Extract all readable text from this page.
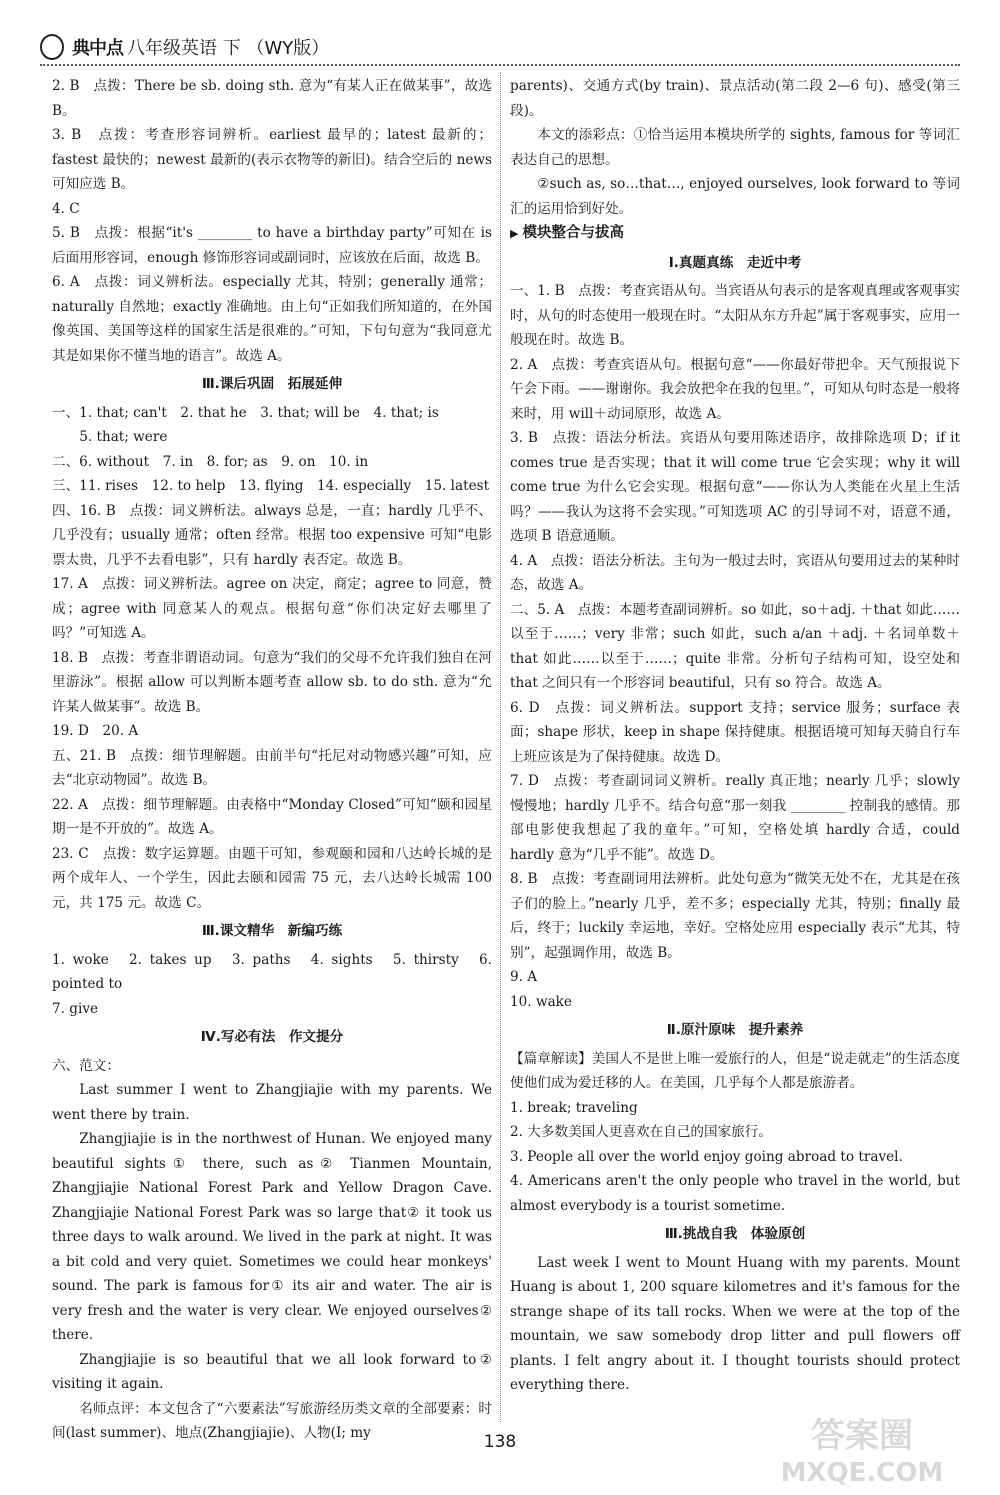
典中点 八年级英语 下 （WY版）

2. B　点拨：There be sb. doing sth. 意为“有某人正在做某事”，故选 B。

3. B　点拨：考查形容词辨析。earliest 最早的；latest 最新的；fastest 最快的；newest 最新的(表示衣物等的新旧)。结合空后的 news 可知应选 B。

4. C

5. B　点拨：根据“it's ________ to have a birthday party”可知在 is 后面用形容词，enough 修饰形容词或副词时，应该放在后面，故选 B。

6. A　点拨：词义辨析法。especially 尤其，特别；generally 通常；naturally 自然地；exactly 准确地。由上句“正如我们所知道的，在外国像英国、美国等这样的国家生活是很难的。”可知，下句句意为“我同意尤其是如果你不懂当地的语言”。故选 A。

Ⅲ.课后巩固　拓展延伸

一、1. that; can't　2. that he　3. that; will be　4. that; is

5. that; were

二、6. without　7. in　8. for; as　9. on　10. in

三、11. rises　12. to help　13. flying　14. especially　15. latest

四、16. B　点拨：词义辨析法。always 总是，一直；hardly 几乎不、几乎没有；usually 通常；often 经常。根据 too expensive 可知“电影票太贵，几乎不去看电影”，只有 hardly 表否定。故选 B。

17. A　点拨：词义辨析法。agree on 决定，商定；agree to 同意，赞成；agree with 同意某人的观点。根据句意“你们决定好去哪里了吗？”可知选 A。

18. B　点拨：考查非谓语动词。句意为“我们的父母不允许我们独自在河里游泳”。根据 allow 可以判断本题考查 allow sb. to do sth. 意为“允许某人做某事”。故选 B。

19. D　20. A

五、21. B　点拨：细节理解题。由前半句“托尼对动物感兴趣”可知，应去“北京动物园”。故选 B。

22. A　点拨：细节理解题。由表格中“Monday Closed”可知“颐和园星期一是不开放的”。故选 A。

23. C　点拨：数字运算题。由题干可知，参观颐和园和八达岭长城的是两个成年人、一个学生，因此去颐和园需 75 元，去八达岭长城需 100 元，共 175 元。故选 C。

Ⅲ.课文精华　新编巧练

1. woke　2. takes up　3. paths　4. sights　5. thirsty　6. pointed to

7. give

Ⅳ.写必有法　作文提分

六、范文：

Last summer I went to Zhangjiajie with my parents. We went there by train.

Zhangjiajie is in the northwest of Hunan. We enjoyed many beautiful sights① there, such as② Tianmen Mountain, Zhangjiajie National Forest Park and Yellow Dragon Cave. Zhangjiajie National Forest Park was so large that② it took us three days to walk around. We lived in the park at night. It was a bit cold and very quiet. Sometimes we could hear monkeys' sound. The park is famous for① its air and water. The air is very fresh and the water is very clear. We enjoyed ourselves② there.

Zhangjiajie is so beautiful that we all look forward to② visiting it again.

名师点评：本文包含了“六要素法”写旅游经历类文章的全部要素：时间(last summer)、地点(Zhangjiajie)、人物(I; my

parents)、交通方式(by train)、景点活动(第二段 2—6 句)、感受(第三段)。

本文的添彩点：①恰当运用本模块所学的 sights, famous for 等词汇表达自己的思想。

②such as, so…that…, enjoyed ourselves, look forward to 等词汇的运用恰到好处。

▶ 模块整合与拔高

Ⅰ.真题真练　走近中考

一、1. B　点拨：考查宾语从句。当宾语从句表示的是客观真理或客观事实时，从句的时态使用一般现在时。“太阳从东方升起”属于客观事实，应用一般现在时。故选 B。

2. A　点拨：考查宾语从句。根据句意“——你最好带把伞。天气预报说下午会下雨。——谢谢你。我会放把伞在我的包里。”，可知从句时态是一般将来时，用 will＋动词原形，故选 A。

3. B　点拨：语法分析法。宾语从句要用陈述语序，故排除选项 D；if it comes true 是否实现；that it will come true 它会实现；why it will come true 为什么它会实现。根据句意“——你认为人类能在火星上生活吗？——我认为这将不会实现。”可知选项 AC 的引导词不对，语意不通，选项 B 语意通顺。

4. A　点拨：语法分析法。主句为一般过去时，宾语从句要用过去的某种时态，故选 A。

二、5. A　点拨：本题考查副词辨析。so 如此，so＋adj. ＋that 如此……以至于……；very 非常；such 如此，such a/an ＋adj. ＋名词单数＋that 如此……以至于……；quite 非常。分析句子结构可知，设空处和 that 之间只有一个形容词 beautiful，只有 so 符合。故选 A。

6. D　点拨：词义辨析法。support 支持；service 服务；surface 表面；shape 形状，keep in shape 保持健康。根据语境可知每天骑自行车上班应该是为了保持健康。故选 D。

7. D　点拨：考查副词词义辨析。really 真正地；nearly 几乎；slowly 慢慢地；hardly 几乎不。结合句意“那一刻我 ________ 控制我的感情。那部电影使我想起了我的童年。”可知，空格处填 hardly 合适，could hardly 意为“几乎不能”。故选 D。

8. B　点拨：考查副词用法辨析。此处句意为“微笑无处不在，尤其是在孩子们的脸上。”nearly 几乎，差不多；especially 尤其，特别；finally 最后，终于；luckily 幸运地，幸好。空格处应用 especially 表示“尤其，特别”，起强调作用，故选 B。

9. A

10. wake

Ⅱ.原汁原味　提升素养

【篇章解读】美国人不是世上唯一爱旅行的人，但是“说走就走”的生活态度使他们成为爱迁移的人。在美国，几乎每个人都是旅游者。

1. break; traveling

2. 大多数美国人更喜欢在自己的国家旅行。

3. People all over the world enjoy going abroad to travel.

4. Americans aren't the only people who travel in the world, but almost everybody is a tourist sometime.

Ⅲ.挑战自我　体验原创

Last week I went to Mount Huang with my parents. Mount Huang is about 1, 200 square kilometres and it's famous for the strange shape of its tall rocks. When we were at the top of the mountain, we saw somebody drop litter and pull flowers off plants. I felt angry about it. I thought tourists should protect everything there.

138	答案圈
MXQE.COM
